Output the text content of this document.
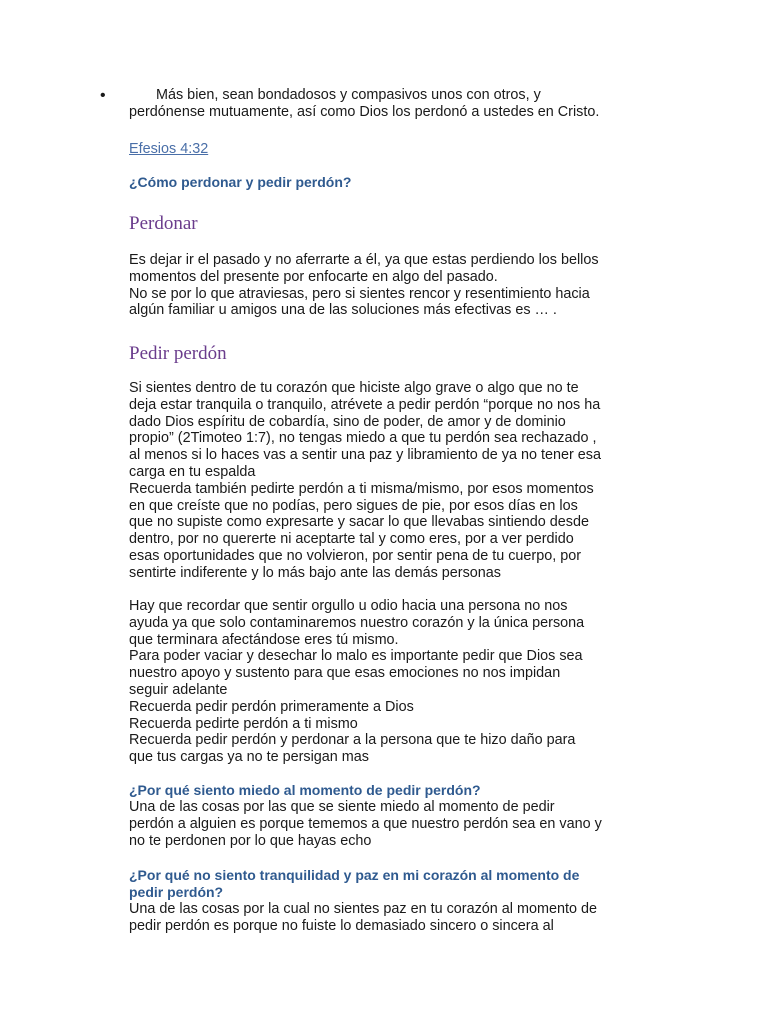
•	Más bien, sean bondadosos y compasivos unos con otros, y
perdónense mutuamente, así como Dios los perdonó a ustedes en Cristo.
Efesios 4:32

¿Cómo perdonar y pedir perdón?

Perdonar

Es dejar ir el pasado y no aferrarte a él, ya que estas perdiendo los bellos
momentos del presente por enfocarte en algo del pasado.
No se por lo que atraviesas, pero si sientes rencor y resentimiento hacia
algún familiar u amigos una de las soluciones más efectivas es … .

Pedir perdón

Si sientes dentro de tu corazón que hiciste algo grave o algo que no te
deja estar tranquila o tranquilo, atrévete a pedir perdón “porque no nos ha
dado Dios espíritu de cobardía, sino de poder, de amor y de dominio
propio” (2Timoteo 1:7), no tengas miedo a que tu perdón sea rechazado ,
al menos si lo haces vas a sentir una paz y libramiento de ya no tener esa
carga en tu espalda
Recuerda también pedirte perdón a ti misma/mismo, por esos momentos
en que creíste que no podías, pero sigues de pie, por esos días en los
que no supiste como expresarte y sacar lo que llevabas sintiendo desde
dentro, por no quererte ni aceptarte tal y como eres, por a ver perdido
esas oportunidades que no volvieron, por sentir pena de tu cuerpo, por
sentirte indiferente y lo más bajo ante las demás personas

Hay que recordar que sentir orgullo u odio hacia una persona no nos
ayuda ya que solo contaminaremos nuestro corazón y la única persona
que terminara afectándose eres tú mismo.
Para poder vaciar y desechar lo malo es importante pedir que Dios sea
nuestro apoyo y sustento para que esas emociones no nos impidan
seguir adelante
Recuerda pedir perdón primeramente a Dios
Recuerda pedirte perdón a ti mismo
Recuerda pedir perdón y perdonar a la persona que te hizo daño para
que tus cargas ya no te persigan mas

¿Por qué siento miedo al momento de pedir perdón?

Una de las cosas por las que se siente miedo al momento de pedir
perdón a alguien es porque tememos a que nuestro perdón sea en vano y
no te perdonen por lo que hayas echo

¿Por qué no siento tranquilidad y paz en mi corazón al momento de
pedir perdón?

Una de las cosas por la cual no sientes paz en tu corazón al momento de
pedir perdón es porque no fuiste lo demasiado sincero o sincera al
